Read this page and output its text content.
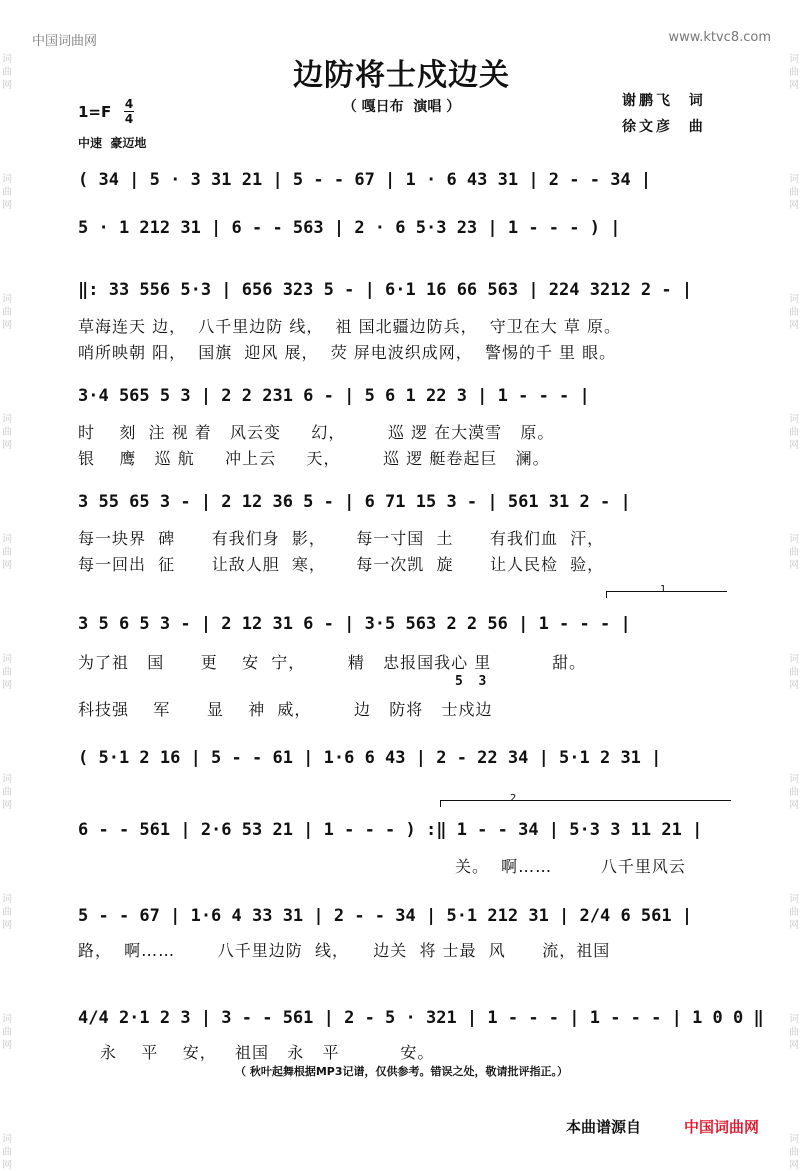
词
曲
网
词
曲
网
词
曲
网
词
曲
网
词
曲
网
词
曲
网
词
曲
网
词
曲
网
词
曲
网
词
曲
网
词
曲
网
词
曲
网
词
曲
网
词
曲
网
词
曲
网
词
曲
网
词
曲
网
词
曲
网
词
曲
网
词
曲
网
中国词曲网	www.ktvc8.com
边防将士戍边关
（ 嘎日布  演唱 ）	谢鹏飞  词
徐文彦  曲
1=F 4
4
中速  豪迈地
( 34 | 5 · 3 31 21 | 5 - - 67 | 1 · 6 43 31 | 2 - - 34 |
5 · 1 212 31 | 6 - - 563 | 2 · 6 5·3 23 | 1 - - - ) |
‖: 33 556 5·3 | 656 323 5 - | 6·1 16 66 563 | 224 3212 2 - |
草海连天 边，  八千里边防 线，  祖 国北疆边防兵，  守卫在大 草 原。
哨所映朝 阳，  国旗  迎风 展，  荧 屏电波织成网，  警惕的千 里 眼。
3·4 565 5 3 | 2 2 231 6 - | 5 6 1 22 3 | 1 - - - |
时    刻  注 视 着   风云变     幻，       巡 逻 在大漠雪   原。
银    鹰   巡 航     冲上云     天，       巡 逻 艇卷起巨   澜。
3 55 65 3 - | 2 12 36 5 - | 6 71 15 3 - | 561 31 2 - |
每一块界  碑      有我们身  影，     每一寸国  土      有我们血  汗，
每一回出  征      让敌人胆  寒，     每一次凯  旋      让人民检  验，
1
3 5 6 5 3 - | 2 12 31 6 - | 3·5 563 2 2 56 | 1 - - - |
为了祖   国      更    安  宁，       精   忠报国我心 里          甜。
5  3
科技强    军      显    神  威，       边   防将   士戍边
( 5·1 2 16 | 5 - - 61 | 1·6 6 43 | 2 - 22 34 | 5·1 2 31 |
2
6 - - 561 | 2·6 53 21 | 1 - - - ) :‖ 1 - - 34 | 5·3 3 11 21 |
关。  啊……        八千里风云
5 - - 67 | 1·6 4 33 31 | 2 - - 34 | 5·1 212 31 | 2/4 6 561 |
路，  啊……       八千里边防  线，    边关  将 士最  风      流，祖国
4/4 2·1 2 3 | 3 - - 561 | 2 - 5 · 321 | 1 - - - | 1 - - - | 1 0 0 ‖
永    平    安，   祖国   永   平          安。
（ 秋叶起舞根据MP3记谱，仅供参考。错误之处，敬请批评指正。）
本曲谱源自	中国词曲网
